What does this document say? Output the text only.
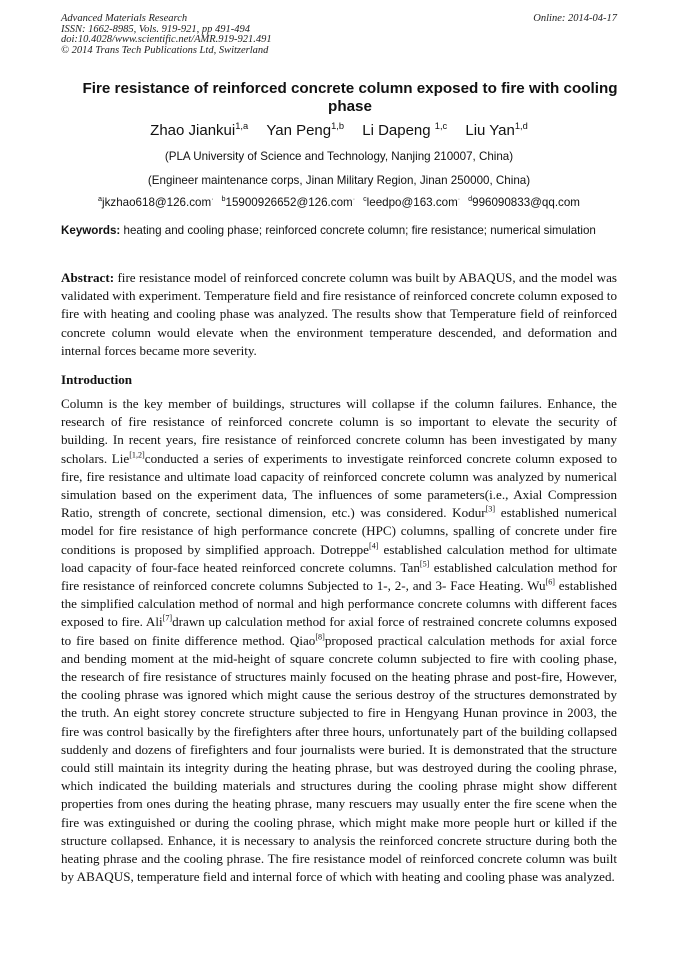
Advanced Materials Research
ISSN: 1662-8985, Vols. 919-921, pp 491-494
doi:10.4028/www.scientific.net/AMR.919-921.491
© 2014 Trans Tech Publications Ltd, Switzerland
Online: 2014-04-17
Fire resistance of reinforced concrete column exposed to fire with cooling phase
Zhao Jiankui$^{1,a}$ Yan Peng$^{1,b}$ Li Dapeng $^{1,c}$ Liu Yan$^{1,d}$
(PLA University of Science and Technology, Nanjing 210007, China)
(Engineer maintenance corps, Jinan Military Region, Jinan 250000, China)
$^a$jkzhao618@126.com· $^b$15900926652@126.com· $^c$leedpo@163.com· $^d$996090833@qq.com
Keywords: heating and cooling phase; reinforced concrete column; fire resistance; numerical simulation
Abstract: fire resistance model of reinforced concrete column was built by ABAQUS, and the model was validated with experiment. Temperature field and fire resistance of reinforced concrete column exposed to fire with heating and cooling phase was analyzed. The results show that Temperature field of reinforced concrete column would elevate when the environment temperature descended, and deformation and internal forces became more severity.
Introduction
Column is the key member of buildings, structures will collapse if the column failures. Enhance, the research of fire resistance of reinforced concrete column is so important to elevate the security of building. In recent years, fire resistance of reinforced concrete column has been investigated by many scholars. Lie[1,2]conducted a series of experiments to investigate reinforced concrete column exposed to fire, fire resistance and ultimate load capacity of reinforced concrete column was analyzed by numerical simulation based on the experiment data, The influences of some parameters(i.e., Axial Compression Ratio, strength of concrete, sectional dimension, etc.) was considered. Kodur[3] established numerical model for fire resistance of high performance concrete (HPC) columns, spalling of concrete under fire conditions is proposed by simplified approach. Dotreppe[4] established calculation method for ultimate load capacity of four-face heated reinforced concrete columns. Tan[5] established calculation method for fire resistance of reinforced concrete columns Subjected to 1-, 2-, and 3- Face Heating. Wu[6] established the simplified calculation method of normal and high performance concrete columns with different faces exposed to fire. Ali[7]drawn up calculation method for axial force of restrained concrete columns exposed to fire based on finite difference method. Qiao[8]proposed practical calculation methods for axial force and bending moment at the mid-height of square concrete column subjected to fire with cooling phase, the research of fire resistance of structures mainly focused on the heating phrase and post-fire, However, the cooling phrase was ignored which might cause the serious destroy of the structures demonstrated by the truth. An eight storey concrete structure subjected to fire in Hengyang Hunan province in 2003, the fire was control basically by the firefighters after three hours, unfortunately part of the building collapsed suddenly and dozens of firefighters and four journalists were buried. It is demonstrated that the structure could still maintain its integrity during the heating phrase, but was destroyed during the cooling phrase, which indicated the building materials and structures during the cooling phrase might show different properties from ones during the heating phrase, many rescuers may usually enter the fire scene when the fire was extinguished or during the cooling phrase, which might make more people hurt or killed if the structure collapsed. Enhance, it is necessary to analysis the reinforced concrete structure during both the heating phrase and the cooling phrase. The fire resistance model of reinforced concrete column was built by ABAQUS, temperature field and internal force of which with heating and cooling phase was analyzed.
